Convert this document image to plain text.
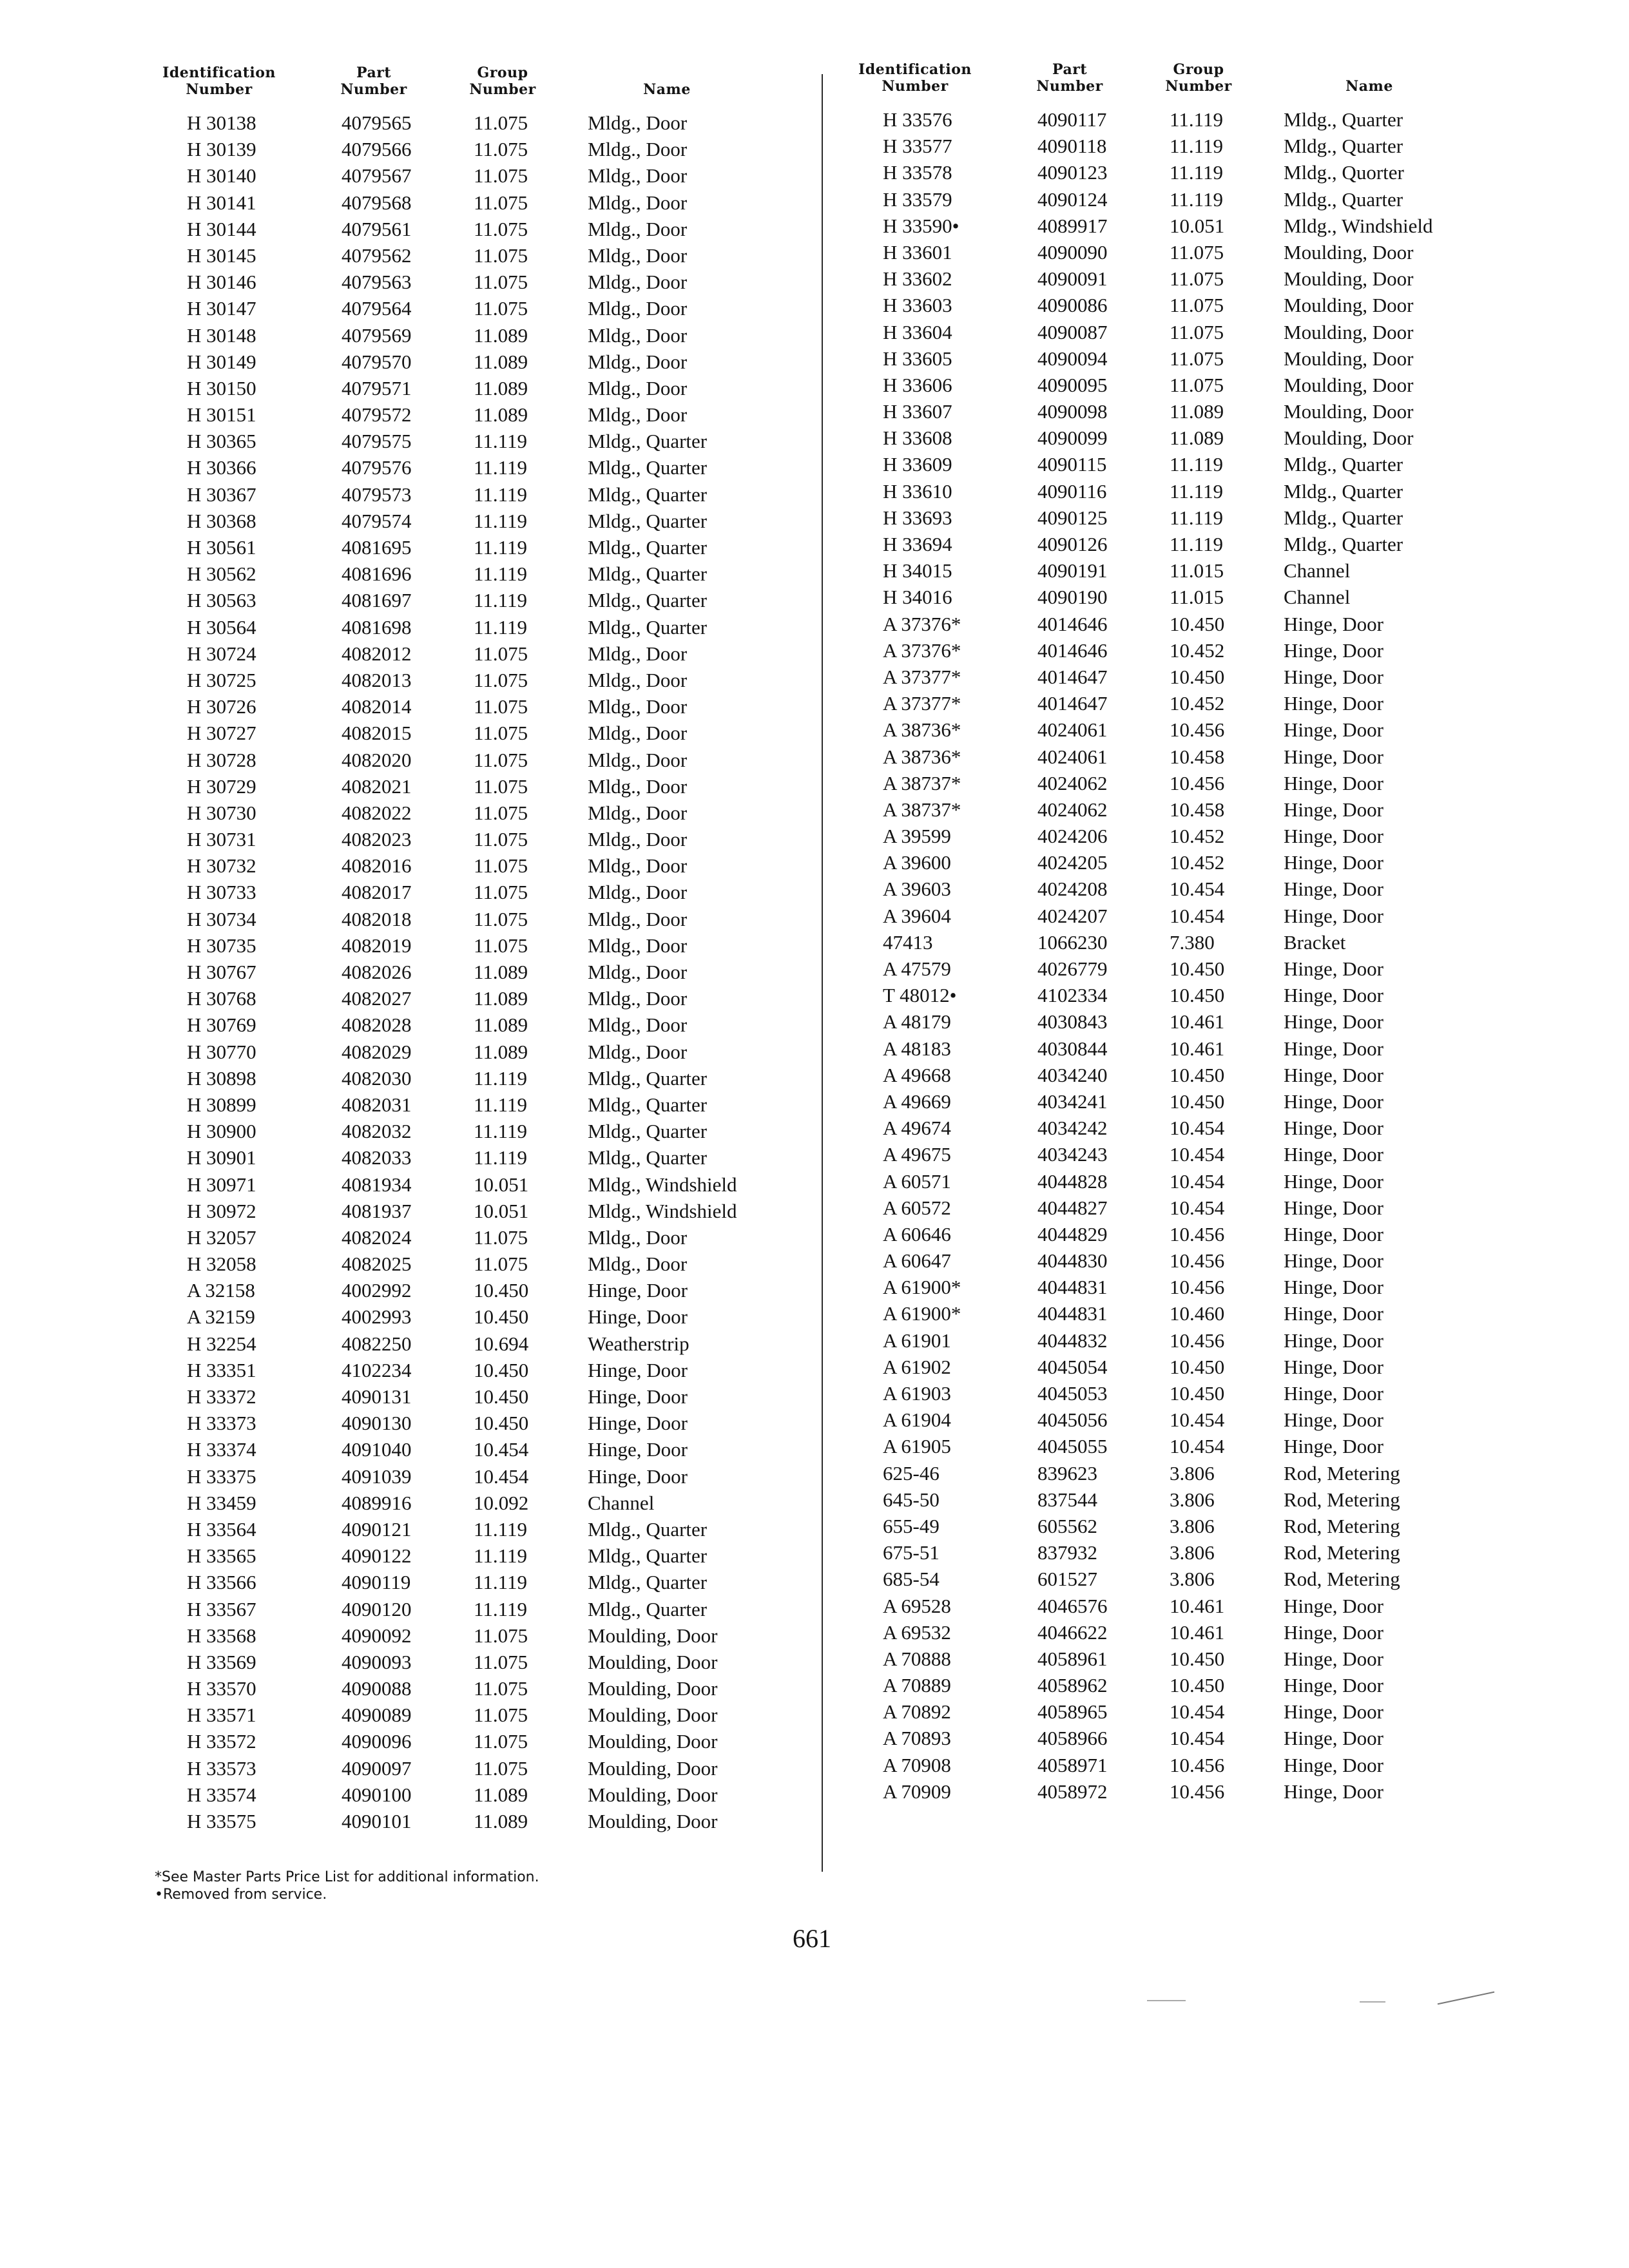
Identification
Number
Part
Number
Group
Number	Name
H 30138	4079565	11.075	Mldg., Door
H 30139	4079566	11.075	Mldg., Door
H 30140	4079567	11.075	Mldg., Door
H 30141	4079568	11.075	Mldg., Door
H 30144	4079561	11.075	Mldg., Door
H 30145	4079562	11.075	Mldg., Door
H 30146	4079563	11.075	Mldg., Door
H 30147	4079564	11.075	Mldg., Door
H 30148	4079569	11.089	Mldg., Door
H 30149	4079570	11.089	Mldg., Door
H 30150	4079571	11.089	Mldg., Door
H 30151	4079572	11.089	Mldg., Door
H 30365	4079575	11.119	Mldg., Quarter
H 30366	4079576	11.119	Mldg., Quarter
H 30367	4079573	11.119	Mldg., Quarter
H 30368	4079574	11.119	Mldg., Quarter
H 30561	4081695	11.119	Mldg., Quarter
H 30562	4081696	11.119	Mldg., Quarter
H 30563	4081697	11.119	Mldg., Quarter
H 30564	4081698	11.119	Mldg., Quarter
H 30724	4082012	11.075	Mldg., Door
H 30725	4082013	11.075	Mldg., Door
H 30726	4082014	11.075	Mldg., Door
H 30727	4082015	11.075	Mldg., Door
H 30728	4082020	11.075	Mldg., Door
H 30729	4082021	11.075	Mldg., Door
H 30730	4082022	11.075	Mldg., Door
H 30731	4082023	11.075	Mldg., Door
H 30732	4082016	11.075	Mldg., Door
H 30733	4082017	11.075	Mldg., Door
H 30734	4082018	11.075	Mldg., Door
H 30735	4082019	11.075	Mldg., Door
H 30767	4082026	11.089	Mldg., Door
H 30768	4082027	11.089	Mldg., Door
H 30769	4082028	11.089	Mldg., Door
H 30770	4082029	11.089	Mldg., Door
H 30898	4082030	11.119	Mldg., Quarter
H 30899	4082031	11.119	Mldg., Quarter
H 30900	4082032	11.119	Mldg., Quarter
H 30901	4082033	11.119	Mldg., Quarter
H 30971	4081934	10.051	Mldg., Windshield
H 30972	4081937	10.051	Mldg., Windshield
H 32057	4082024	11.075	Mldg., Door
H 32058	4082025	11.075	Mldg., Door
A 32158	4002992	10.450	Hinge, Door
A 32159	4002993	10.450	Hinge, Door
H 32254	4082250	10.694	Weatherstrip
H 33351	4102234	10.450	Hinge, Door
H 33372	4090131	10.450	Hinge, Door
H 33373	4090130	10.450	Hinge, Door
H 33374	4091040	10.454	Hinge, Door
H 33375	4091039	10.454	Hinge, Door
H 33459	4089916	10.092	Channel
H 33564	4090121	11.119	Mldg., Quarter
H 33565	4090122	11.119	Mldg., Quarter
H 33566	4090119	11.119	Mldg., Quarter
H 33567	4090120	11.119	Mldg., Quarter
H 33568	4090092	11.075	Moulding, Door
H 33569	4090093	11.075	Moulding, Door
H 33570	4090088	11.075	Moulding, Door
H 33571	4090089	11.075	Moulding, Door
H 33572	4090096	11.075	Moulding, Door
H 33573	4090097	11.075	Moulding, Door
H 33574	4090100	11.089	Moulding, Door
H 33575	4090101	11.089	Moulding, Door
Identification
Number
Part
Number
Group
Number	Name
H 33576	4090117	11.119	Mldg., Quarter
H 33577	4090118	11.119	Mldg., Quarter
H 33578	4090123	11.119	Mldg., Quorter
H 33579	4090124	11.119	Mldg., Quarter
H 33590•	4089917	10.051	Mldg., Windshield
H 33601	4090090	11.075	Moulding, Door
H 33602	4090091	11.075	Moulding, Door
H 33603	4090086	11.075	Moulding, Door
H 33604	4090087	11.075	Moulding, Door
H 33605	4090094	11.075	Moulding, Door
H 33606	4090095	11.075	Moulding, Door
H 33607	4090098	11.089	Moulding, Door
H 33608	4090099	11.089	Moulding, Door
H 33609	4090115	11.119	Mldg., Quarter
H 33610	4090116	11.119	Mldg., Quarter
H 33693	4090125	11.119	Mldg., Quarter
H 33694	4090126	11.119	Mldg., Quarter
H 34015	4090191	11.015	Channel
H 34016	4090190	11.015	Channel
A 37376*	4014646	10.450	Hinge, Door
A 37376*	4014646	10.452	Hinge, Door
A 37377*	4014647	10.450	Hinge, Door
A 37377*	4014647	10.452	Hinge, Door
A 38736*	4024061	10.456	Hinge, Door
A 38736*	4024061	10.458	Hinge, Door
A 38737*	4024062	10.456	Hinge, Door
A 38737*	4024062	10.458	Hinge, Door
A 39599	4024206	10.452	Hinge, Door
A 39600	4024205	10.452	Hinge, Door
A 39603	4024208	10.454	Hinge, Door
A 39604	4024207	10.454	Hinge, Door
47413	1066230	7.380	Bracket
A 47579	4026779	10.450	Hinge, Door
T 48012•	4102334	10.450	Hinge, Door
A 48179	4030843	10.461	Hinge, Door
A 48183	4030844	10.461	Hinge, Door
A 49668	4034240	10.450	Hinge, Door
A 49669	4034241	10.450	Hinge, Door
A 49674	4034242	10.454	Hinge, Door
A 49675	4034243	10.454	Hinge, Door
A 60571	4044828	10.454	Hinge, Door
A 60572	4044827	10.454	Hinge, Door
A 60646	4044829	10.456	Hinge, Door
A 60647	4044830	10.456	Hinge, Door
A 61900*	4044831	10.456	Hinge, Door
A 61900*	4044831	10.460	Hinge, Door
A 61901	4044832	10.456	Hinge, Door
A 61902	4045054	10.450	Hinge, Door
A 61903	4045053	10.450	Hinge, Door
A 61904	4045056	10.454	Hinge, Door
A 61905	4045055	10.454	Hinge, Door
625-46	839623	3.806	Rod, Metering
645-50	837544	3.806	Rod, Metering
655-49	605562	3.806	Rod, Metering
675-51	837932	3.806	Rod, Metering
685-54	601527	3.806	Rod, Metering
A 69528	4046576	10.461	Hinge, Door
A 69532	4046622	10.461	Hinge, Door
A 70888	4058961	10.450	Hinge, Door
A 70889	4058962	10.450	Hinge, Door
A 70892	4058965	10.454	Hinge, Door
A 70893	4058966	10.454	Hinge, Door
A 70908	4058971	10.456	Hinge, Door
A 70909	4058972	10.456	Hinge, Door
*See Master Parts Price List for additional information.
•Removed from service.
661
